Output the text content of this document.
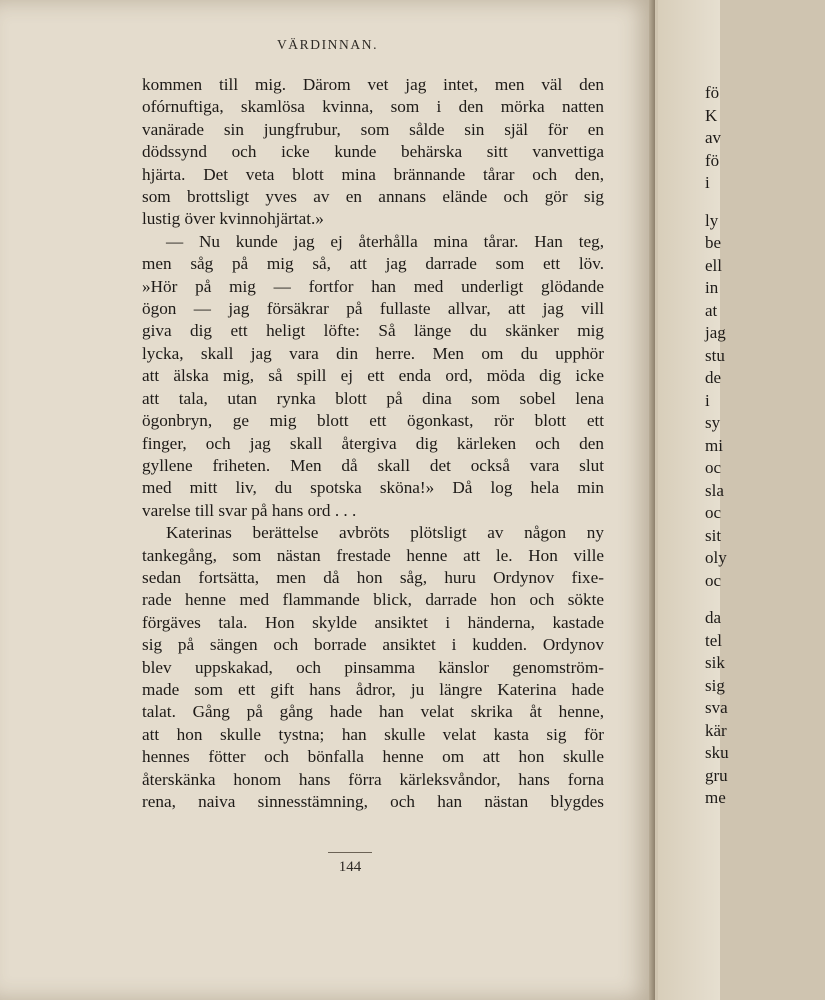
VÄRDINNAN.
kommen till mig. Därom vet jag intet, men väl den
ofórnuftiga, skamlösa kvinna, som i den mörka natten
vanärade sin jungfrubur, som sålde sin själ för en
dödssynd och icke kunde behärska sitt vanvettiga
hjärta. Det veta blott mina brännande tårar och den,
som brottsligt yves av en annans elände och gör sig
lustig över kvinnohjärtat.»
— Nu kunde jag ej återhålla mina tårar. Han teg,
men såg på mig så, att jag darrade som ett löv.
»Hör på mig — fortfor han med underligt glödande
ögon — jag försäkrar på fullaste allvar, att jag vill
giva dig ett heligt löfte: Så länge du skänker mig
lycka, skall jag vara din herre. Men om du upphör
att älska mig, så spill ej ett enda ord, möda dig icke
att tala, utan rynka blott på dina som sobel lena
ögonbryn, ge mig blott ett ögonkast, rör blott ett
finger, och jag skall återgiva dig kärleken och den
gyllene friheten. Men då skall det också vara slut
med mitt liv, du spotska sköna!» Då log hela min
varelse till svar på hans ord . . .
Katerinas berättelse avbröts plötsligt av någon ny
tankegång, som nästan frestade henne att le. Hon ville
sedan fortsätta, men då hon såg, huru Ordynov fixe-
rade henne med flammande blick, darrade hon och sökte
förgäves tala. Hon skylde ansiktet i händerna, kastade
sig på sängen och borrade ansiktet i kudden. Ordynov
blev uppskakad, och pinsamma känslor genomström-
made som ett gift hans ådror, ju längre Katerina hade
talat. Gång på gång hade han velat skrika åt henne,
att hon skulle tystna; han skulle velat kasta sig för
hennes fötter och bönfalla henne om att hon skulle
återskänka honom hans förra kärleksvåndor, hans forna
rena, naiva sinnesstämning, och han nästan blygdes
144
fö
K
av
fö
i
ly
be
ell
in
at
jag
stu
de
i
sy
mi
oc
sla
oc
sit
oly
oc
da
tel
sik
sig
sva
kär
sku
gru
me
